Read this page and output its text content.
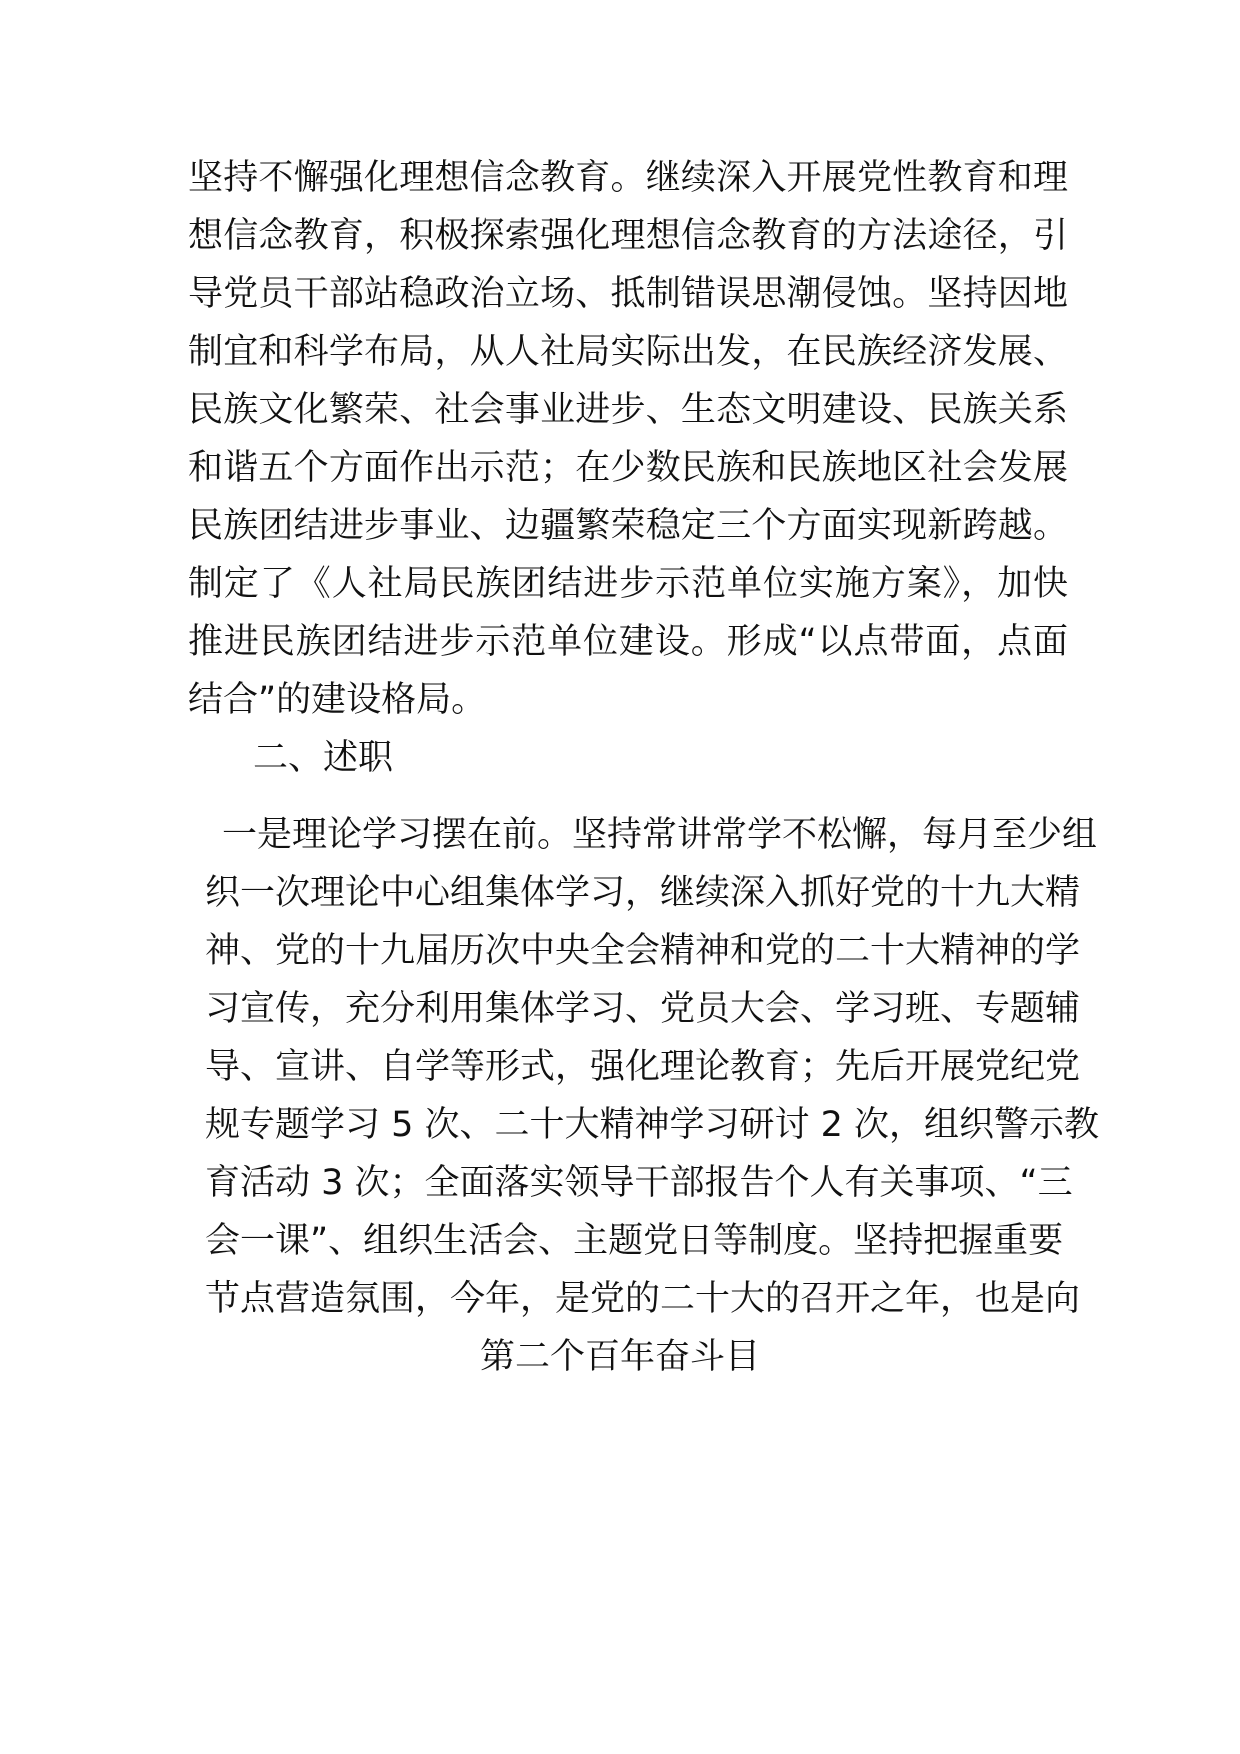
坚持不懈强化理想信念教育。继续深入开展党性教育和理
想信念教育，积极探索强化理想信念教育的方法途径，引
导党员干部站稳政治立场、抵制错误思潮侵蚀。坚持因地
制宜和科学布局，从人社局实际出发，在民族经济发展、
民族文化繁荣、社会事业进步、生态文明建设、民族关系
和谐五个方面作出示范；在少数民族和民族地区社会发展
民族团结进步事业、边疆繁荣稳定三个方面实现新跨越。
制定了《人社局民族团结进步示范单位实施方案》，加快
推进民族团结进步示范单位建设。形成“以点带面，点面
结合”的建设格局。
二、述职
一是理论学习摆在前。坚持常讲常学不松懈，每月至少组
织一次理论中心组集体学习，继续深入抓好党的十九大精
神、党的十九届历次中央全会精神和党的二十大精神的学
习宣传，充分利用集体学习、党员大会、学习班、专题辅
导、宣讲、自学等形式，强化理论教育；先后开展党纪党
规专题学习 5 次、二十大精神学习研讨 2 次，组织警示教
育活动 3 次；全面落实领导干部报告个人有关事项、“三
会一课”、组织生活会、主题党日等制度。坚持把握重要
节点营造氛围，今年，是党的二十大的召开之年，也是向
第二个百年奋斗目
